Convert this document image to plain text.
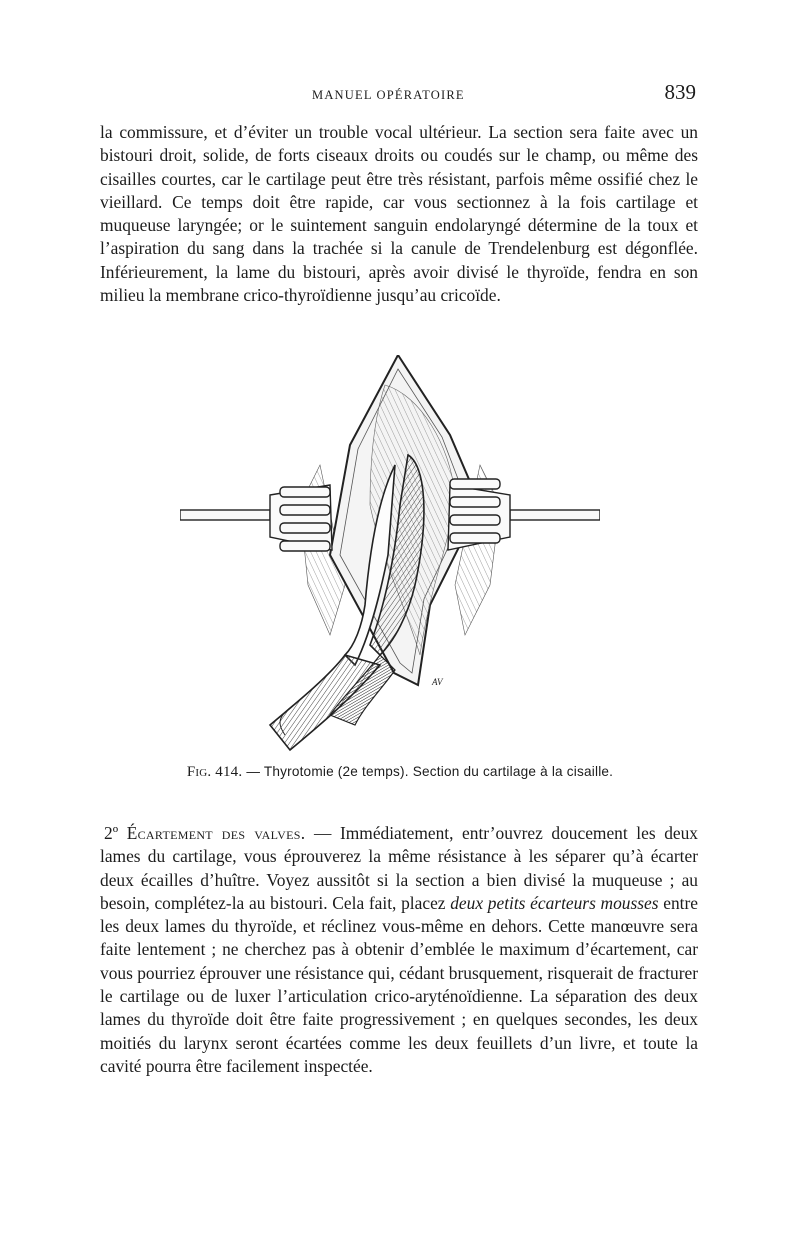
MANUEL OPÉRATOIRE	839

la commissure, et d’éviter un trouble vocal ultérieur. La section sera faite avec un bistouri droit, solide, de forts ciseaux droits ou coudés sur le champ, ou même des cisailles courtes, car le cartilage peut être très résistant, parfois même ossifié chez le vieillard. Ce temps doit être rapide, car vous sectionnez à la fois cartilage et muqueuse laryngée; or le suintement sanguin endolaryngé détermine de la toux et l’aspiration du sang dans la trachée si la canule de Trendelenburg est dégonflée. Inférieurement, la lame du bistouri, après avoir divisé le thyroïde, fendra en son milieu la membrane crico-thyroïdienne jusqu’au cricoïde.

AV
Fig. 414. — Thyrotomie (2e temps). Section du cartilage à la cisaille.

2º Écartement des valves. — Immédiatement, entr’ouvrez doucement les deux lames du cartilage, vous éprouverez la même résistance à les séparer qu’à écarter deux écailles d’huître. Voyez aussitôt si la section a bien divisé la muqueuse ; au besoin, complétez-la au bistouri. Cela fait, placez deux petits écarteurs mousses entre les deux lames du thyroïde, et réclinez vous-même en dehors. Cette manœuvre sera faite lentement ; ne cherchez pas à obtenir d’emblée le maximum d’écartement, car vous pourriez éprouver une résistance qui, cédant brusquement, risquerait de fracturer le cartilage ou de luxer l’articulation crico-aryténoïdienne. La séparation des deux lames du thyroïde doit être faite progressivement ; en quelques secondes, les deux moitiés du larynx seront écartées comme les deux feuillets d’un livre, et toute la cavité pourra être facilement inspectée.
